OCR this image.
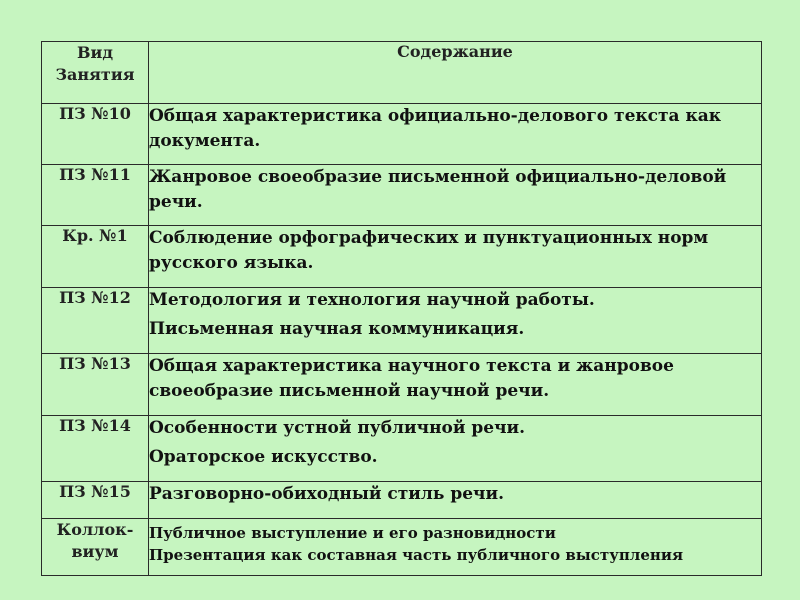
Вид
Занятия	Содержание
ПЗ №10	Общая характеристика официально-делового текста как
документа.

ПЗ №11	Жанровое своеобразие письменной официально-деловой
речи.

Кр. №1	Соблюдение орфографических и пунктуационных норм
русского языка.

ПЗ №12	Методология и технология научной работы.
Письменная научная коммуникация.

ПЗ №13	Общая характеристика научного текста и жанровое
своеобразие письменной научной речи.

ПЗ №14	Особенности устной публичной речи.
Ораторское искусство.

ПЗ №15	Разговорно-обиходный стиль речи.

Коллок-
виум	Публичное выступление и его разновидности
Презентация как составная часть публичного выступления
